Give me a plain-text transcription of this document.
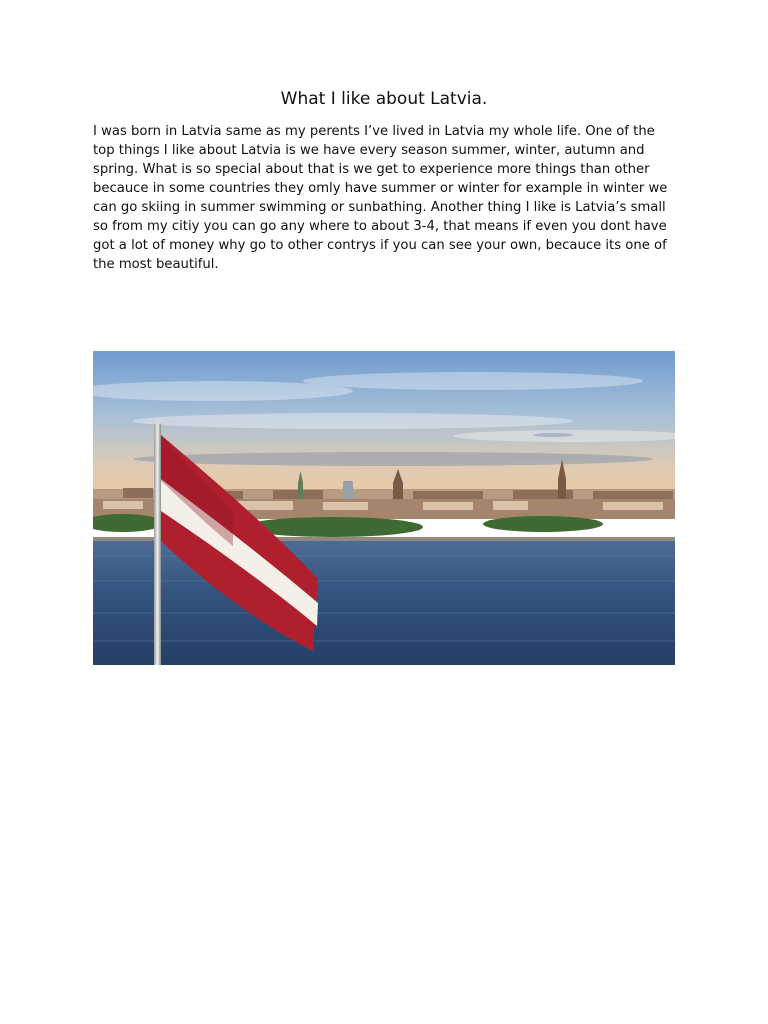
What I like about Latvia.

I was born in Latvia same as my perents I’ve lived in Latvia my whole life. One of the top things I like about Latvia is we have every season summer, winter, autumn and spring. What is so special about that is we get to experience more things than other becauce in some countries they omly have summer or winter for example in winter we can go skiing in summer swimming or sunbathing. Another thing I like is Latvia’s small so from my citiy you can go any where to about 3-4, that means if even you dont have got a lot of money why go to other contrys if you can see your own, becauce its one of the most beautiful.
